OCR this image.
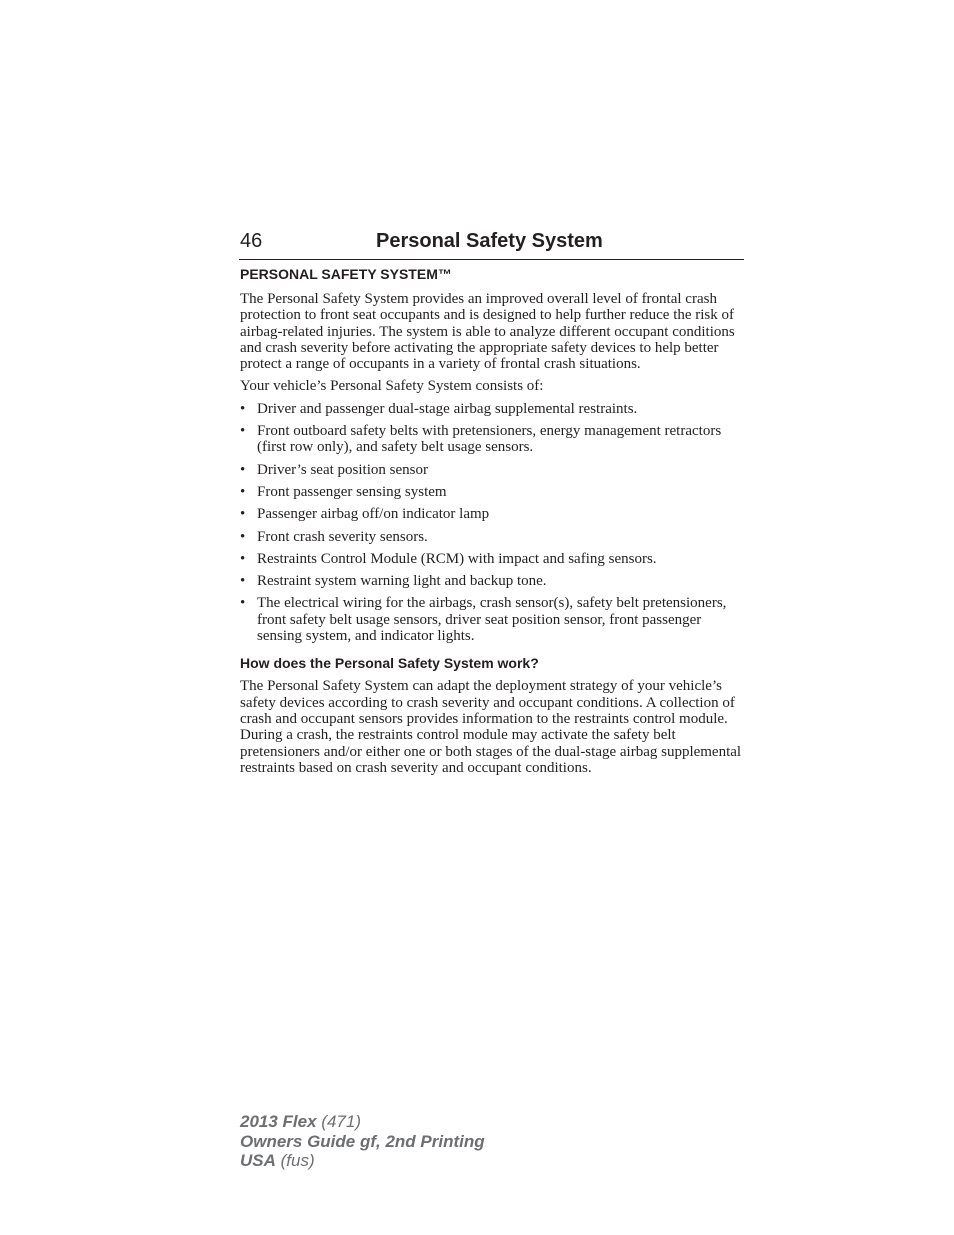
46	Personal Safety System
PERSONAL SAFETY SYSTEM™

The Personal Safety System provides an improved overall level of frontal crash protection to front seat occupants and is designed to help further reduce the risk of airbag-related injuries. The system is able to analyze different occupant conditions and crash severity before activating the appropriate safety devices to help better protect a range of occupants in a variety of frontal crash situations.

Your vehicle’s Personal Safety System consists of:

• Driver and passenger dual-stage airbag supplemental restraints.
• Front outboard safety belts with pretensioners, energy management retractors (first row only), and safety belt usage sensors.
• Driver’s seat position sensor
• Front passenger sensing system
• Passenger airbag off/on indicator lamp
• Front crash severity sensors.
• Restraints Control Module (RCM) with impact and safing sensors.
• Restraint system warning light and backup tone.
• The electrical wiring for the airbags, crash sensor(s), safety belt pretensioners, front safety belt usage sensors, driver seat position sensor, front passenger sensing system, and indicator lights.
How does the Personal Safety System work?

The Personal Safety System can adapt the deployment strategy of your vehicle’s safety devices according to crash severity and occupant conditions. A collection of crash and occupant sensors provides information to the restraints control module. During a crash, the restraints control module may activate the safety belt pretensioners and/or either one or both stages of the dual-stage airbag supplemental restraints based on crash severity and occupant conditions.

2013 Flex (471)
Owners Guide gf, 2nd Printing
USA (fus)
